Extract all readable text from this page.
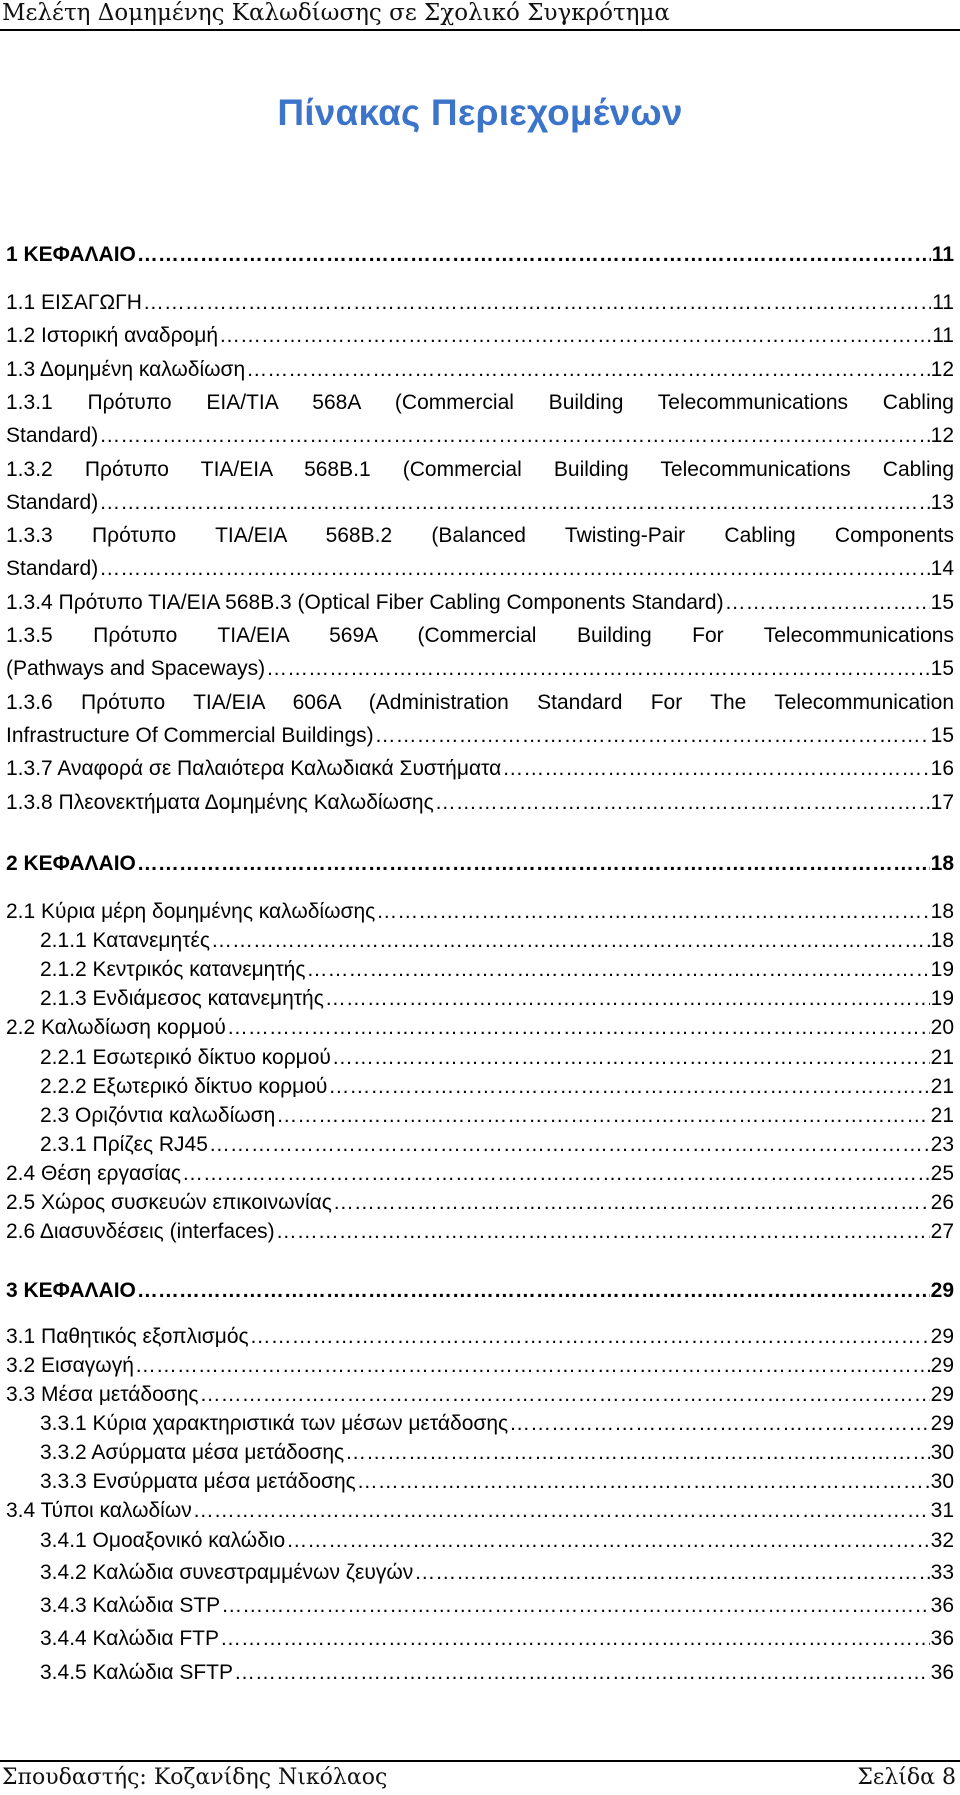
Μελέτη Δομημένης Καλωδίωσης σε Σχολικό Συγκρότημα
Πίνακας Περιεχομένων
1 ΚΕΦΑΛΑΙΟ ………………………………………………………………………………………………………………………………………………………………………………………………………………	11
1.1 ΕΙΣΑΓΩΓΗ ………………………………………………………………………………………………………………………………………………………………………………………………………………	11
1.2 Ιστορική αναδρομή ………………………………………………………………………………………………………………………………………………………………………………………………………………	11
1.3 Δομημένη καλωδίωση ………………………………………………………………………………………………………………………………………………………………………………………………………………	12
1.3.1 Πρότυπο ΕΙΑ/ΤΙΑ 568Α (Commercial Building Telecommunications Cabling
Standard) ………………………………………………………………………………………………………………………………………………………………………………………………………………	12
1.3.2 Πρότυπο ΤΙΑ/ΕΙΑ 568Β.1 (Commercial Building Telecommunications Cabling
Standard) ………………………………………………………………………………………………………………………………………………………………………………………………………………	13
1.3.3 Πρότυπο ΤΙΑ/ΕΙΑ 568Β.2 (Balanced Twisting-Pair Cabling Components
Standard) ………………………………………………………………………………………………………………………………………………………………………………………………………………	14
1.3.4 Πρότυπο ΤΙΑ/ΕΙΑ 568Β.3 (Optical Fiber Cabling Components Standard) ………………………………………………………………………………………………………………………………………………………………………………………………………………	15
1.3.5 Πρότυπο ΤΙΑ/ΕΙΑ 569Α (Commercial Building For Telecommunications
(Pathways and Spaceways) ………………………………………………………………………………………………………………………………………………………………………………………………………………	15
1.3.6 Πρότυπο ΤΙΑ/ΕΙΑ 606Α (Administration Standard For The Telecommunication
Infrastructure Of Commercial Buildings) ………………………………………………………………………………………………………………………………………………………………………………………………………………	15
1.3.7 Αναφορά σε Παλαιότερα Καλωδιακά Συστήματα ………………………………………………………………………………………………………………………………………………………………………………………………………………	16
1.3.8 Πλεονεκτήματα Δομημένης Καλωδίωσης ………………………………………………………………………………………………………………………………………………………………………………………………………………	17
2 ΚΕΦΑΛΑΙΟ ………………………………………………………………………………………………………………………………………………………………………………………………………………	18
2.1 Κύρια μέρη δομημένης καλωδίωσης ………………………………………………………………………………………………………………………………………………………………………………………………………………	18
2.1.1 Κατανεμητές ………………………………………………………………………………………………………………………………………………………………………………………………………………	18
2.1.2 Κεντρικός κατανεμητής ………………………………………………………………………………………………………………………………………………………………………………………………………………	19
2.1.3 Ενδιάμεσος κατανεμητής ………………………………………………………………………………………………………………………………………………………………………………………………………………	19
2.2 Καλωδίωση κορμού ………………………………………………………………………………………………………………………………………………………………………………………………………………	20
2.2.1 Εσωτερικό δίκτυο κορμού ………………………………………………………………………………………………………………………………………………………………………………………………………………	21
2.2.2 Εξωτερικό δίκτυο κορμού ………………………………………………………………………………………………………………………………………………………………………………………………………………	21
2.3 Οριζόντια καλωδίωση ………………………………………………………………………………………………………………………………………………………………………………………………………………	21
2.3.1 Πρίζες RJ45 ………………………………………………………………………………………………………………………………………………………………………………………………………………	23
2.4 Θέση εργασίας ………………………………………………………………………………………………………………………………………………………………………………………………………………	25
2.5 Χώρος συσκευών επικοινωνίας ………………………………………………………………………………………………………………………………………………………………………………………………………………	26
2.6 Διασυνδέσεις (interfaces) ………………………………………………………………………………………………………………………………………………………………………………………………………………	27
3 ΚΕΦΑΛΑΙΟ ………………………………………………………………………………………………………………………………………………………………………………………………………………	29
3.1 Παθητικός εξοπλισμός ………………………………………………………………………………………………………………………………………………………………………………………………………………	29
3.2 Εισαγωγή ………………………………………………………………………………………………………………………………………………………………………………………………………………	29
3.3 Μέσα μετάδοσης ………………………………………………………………………………………………………………………………………………………………………………………………………………	29
3.3.1 Κύρια χαρακτηριστικά των μέσων μετάδοσης ………………………………………………………………………………………………………………………………………………………………………………………………………………	29
3.3.2 Ασύρματα μέσα μετάδοσης ………………………………………………………………………………………………………………………………………………………………………………………………………………	30
3.3.3 Ενσύρματα μέσα μετάδοσης ………………………………………………………………………………………………………………………………………………………………………………………………………………	30
3.4 Τύποι καλωδίων ………………………………………………………………………………………………………………………………………………………………………………………………………………	31
3.4.1 Ομοαξονικό καλώδιο ………………………………………………………………………………………………………………………………………………………………………………………………………………	32
3.4.2 Καλώδια συνεστραμμένων ζευγών ………………………………………………………………………………………………………………………………………………………………………………………………………………	33
3.4.3 Καλώδια STP ………………………………………………………………………………………………………………………………………………………………………………………………………………	36
3.4.4 Καλώδια FTP ………………………………………………………………………………………………………………………………………………………………………………………………………………	36
3.4.5 Καλώδια SFTP ………………………………………………………………………………………………………………………………………………………………………………………………………………	36
Σπουδαστής: Κοζανίδης Νικόλαος	Σελίδα 8
